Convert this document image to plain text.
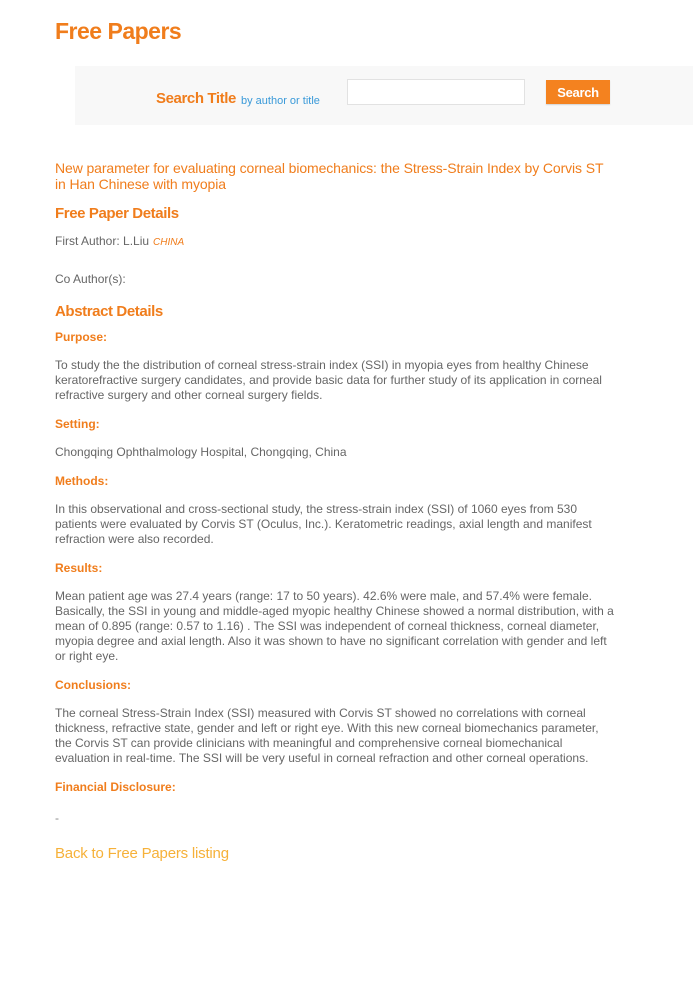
Free Papers
Search Title by author or title
Search
New parameter for evaluating corneal biomechanics: the Stress-Strain Index by Corvis ST in Han Chinese with myopia
Free Paper Details

First Author: L.Liu CHINA

Co Author(s):

Abstract Details
Purpose:

To study the the distribution of corneal stress-strain index (SSI) in myopia eyes from healthy Chinese keratorefractive surgery candidates, and provide basic data for further study of its application in corneal refractive surgery and other corneal surgery fields.

Setting:

Chongqing Ophthalmology Hospital, Chongqing, China

Methods:

In this observational and cross-sectional study, the stress-strain index (SSI) of 1060 eyes from 530 patients were evaluated by Corvis ST (Oculus, Inc.). Keratometric readings, axial length and manifest refraction were also recorded.

Results:

Mean patient age was 27.4 years (range: 17 to 50 years). 42.6% were male, and 57.4% were female. Basically, the SSI in young and middle-aged myopic healthy Chinese showed a normal distribution, with a mean of 0.895 (range: 0.57 to 1.16) . The SSI was independent of corneal thickness, corneal diameter, myopia degree and axial length. Also it was shown to have no significant correlation with gender and left or right eye.

Conclusions:

The corneal Stress-Strain Index (SSI) measured with Corvis ST showed no correlations with corneal thickness, refractive state, gender and left or right eye. With this new corneal biomechanics parameter, the Corvis ST can provide clinicians with meaningful and comprehensive corneal biomechanical evaluation in real-time. The SSI will be very useful in corneal refraction and other corneal operations.

Financial Disclosure:

-

Back to Free Papers listing
